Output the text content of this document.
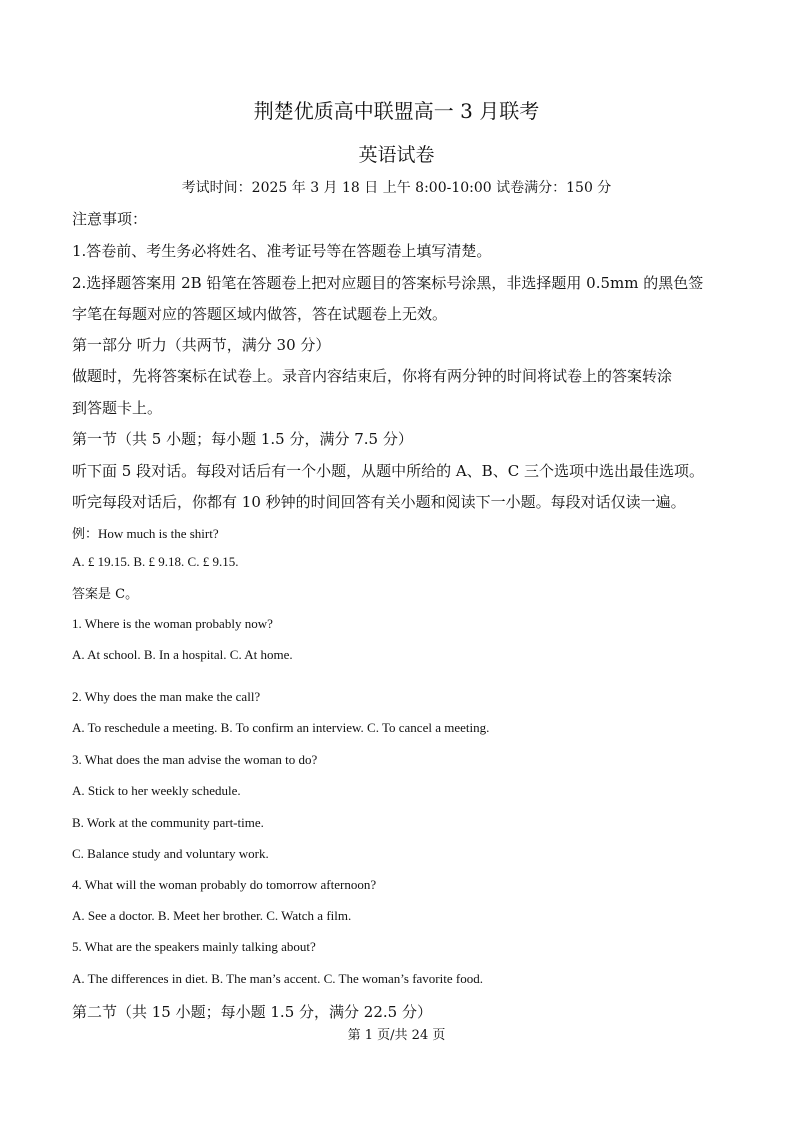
荆楚优质高中联盟高一 3 月联考
英语试卷
考试时间：2025 年 3 月 18 日 上午 8:00-10:00 试卷满分：150 分
注意事项：
1.答卷前、考生务必将姓名、准考证号等在答题卷上填写清楚。
2.选择题答案用 2B 铅笔在答题卷上把对应题目的答案标号涂黑，非选择题用 0.5mm 的黑色签
字笔在每题对应的答题区域内做答，答在试题卷上无效。
第一部分 听力（共两节，满分 30 分）
做题时，先将答案标在试卷上。录音内容结束后，你将有两分钟的时间将试卷上的答案转涂
到答题卡上。
第一节（共 5 小题；每小题 1.5 分，满分 7.5 分）
听下面 5 段对话。每段对话后有一个小题，从题中所给的 A、B、C 三个选项中选出最佳选项。
听完每段对话后，你都有 10 秒钟的时间回答有关小题和阅读下一小题。每段对话仅读一遍。
例：How much is the shirt?
A. £ 19.15. B. £ 9.18. C. £ 9.15.
答案是 C。
1. Where is the woman probably now?
A. At school. B. In a hospital. C. At home.
2. Why does the man make the call?
A. To reschedule a meeting. B. To confirm an interview. C. To cancel a meeting.
3. What does the man advise the woman to do?
A. Stick to her weekly schedule.
B. Work at the community part-time.
C. Balance study and voluntary work.
4. What will the woman probably do tomorrow afternoon?
A. See a doctor. B. Meet her brother. C. Watch a film.
5. What are the speakers mainly talking about?
A. The differences in diet. B. The man’s accent. C. The woman’s favorite food.
第二节（共 15 小题；每小题 1.5 分，满分 22.5 分）
第 1 页/共 24 页
